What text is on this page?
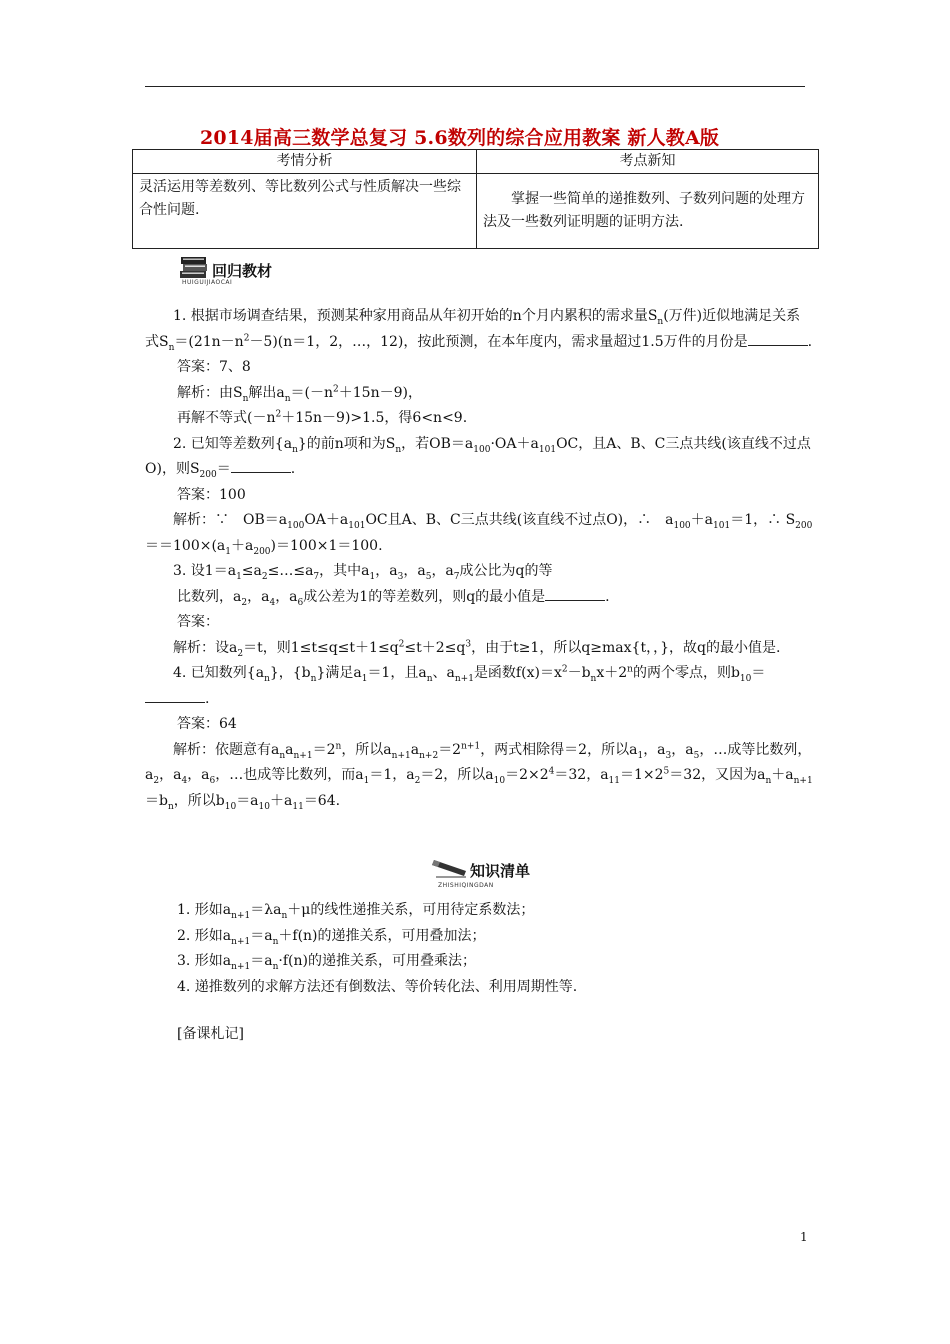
2014届高三数学总复习 5.6数列的综合应用教案 新人教A版
考情分析	考点新知
灵活运用等差数列、等比数列公式与性质解决一些综合性问题.	掌握一些简单的递推数列、子数列问题的处理方法及一些数列证明题的证明方法.
回归教材
HUIGUIJIAOCAI

1. 根据市场调查结果，预测某种家用商品从年初开始的n个月内累积的需求量$S_n$(万件)近似地满足关系式$S_n=(21n-n^2-5)(n=1$，2，…，12)，按此预测，在本年度内，需求量超过1.5万件的月份是	.

答案：7、8

解析：由$S_n$解出$a_n=(-n^2+15n-9)$，

再解不等式$(-n^2+15n-9)>1.5$，得6<n<9.

2. 已知等差数列$\{a_n\}$的前n项和为$S_n$，若$OB=a_{100}\cdot OA+a_{101}OC$，且A、B、C三点共线(该直线不过点O)，则$S_{200}=$	.

答案：100

解析：∵　$OB=a_{100}OA+a_{101}OC$且A、B、C三点共线(该直线不过点O)，∴　$a_{100}+a_{101}=1$，∴ $S_{200}==100\times(a_1+a_{200})=100\times 1=100$.

3. 设$1=a_1\le a_2\le\dots\le a_7$，其中$a_1$，$a_3$，$a_5$，$a_7$成公比为q的等

比数列，$a_2$，$a_4$，$a_6$成公差为1的等差数列，则q的最小值是	.

答案：

解析：设$a_2=t$，则$1\le t\le q\le t+1\le q^2\le t+2\le q^3$，由于t≥1，所以q≥max{t，，}，故q的最小值是.

4. 已知数列$\{a_n\}$，$\{b_n\}$满足$a_1=1$，且$a_n$、$a_{n+1}$是函数$f(x)=x^2-b_nx+2^n$的两个零点，则$b_{10}=$.

答案：64

解析：依题意有$a_na_{n+1}=2^n$，所以$a_{n+1}a_{n+2}=2^{n+1}$，两式相除得＝2，所以$a_1$，$a_3$，$a_5$，…成等比数列，$a_2$，$a_4$，$a_6$，…也成等比数列，而$a_1=1$，$a_2=2$，所以$a_{10}=2\times 2^4=32$，$a_{11}=1\times 2^5=32$，又因为$a_n+a_{n+1}=b_n$，所以$b_{10}=a_{10}+a_{11}=64$.

知识清单
ZHISHIQINGDAN

1. 形如$a_{n+1}=\lambda a_n+\mu$的线性递推关系，可用待定系数法；

2. 形如$a_{n+1}=a_n+f(n)$的递推关系，可用叠加法；

3. 形如$a_{n+1}=a_n\cdot f(n)$的递推关系，可用叠乘法；

4. 递推数列的求解方法还有倒数法、等价转化法、利用周期性等.

[备课札记]

1
